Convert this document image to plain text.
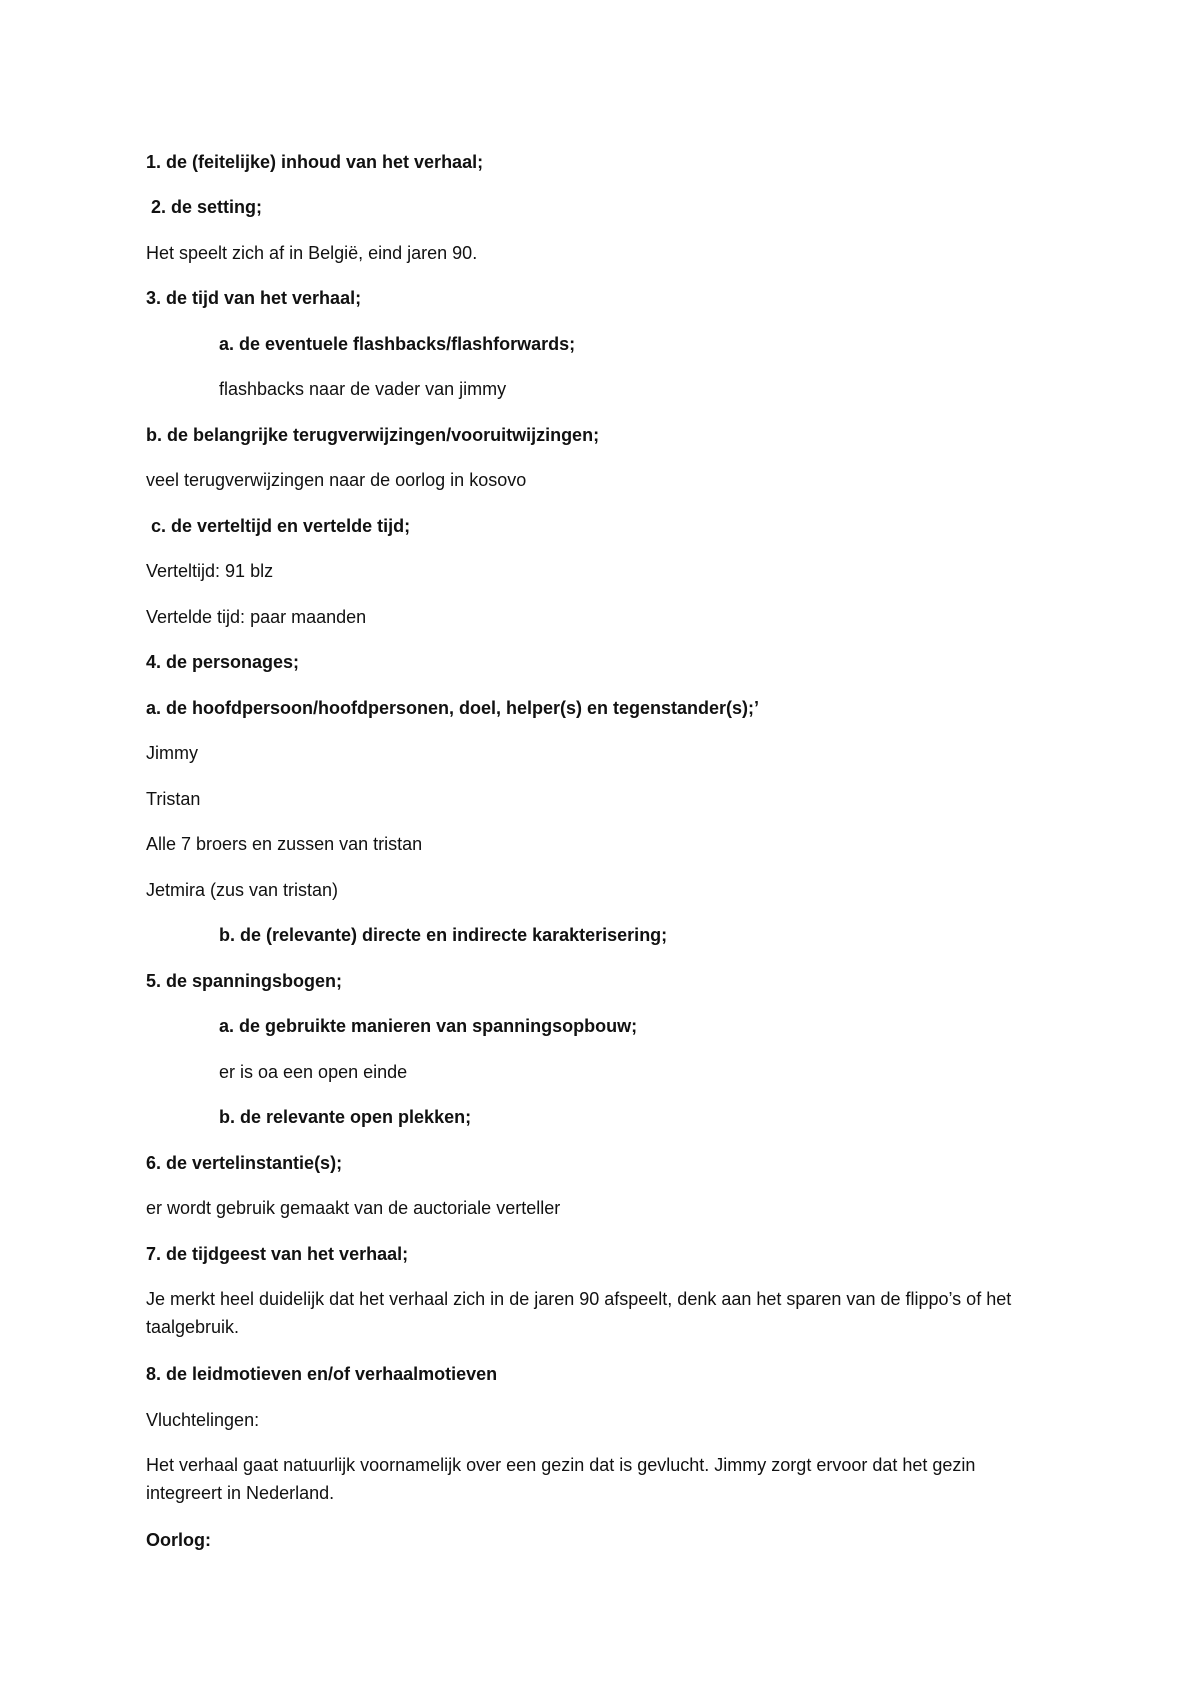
1. de (feitelijke) inhoud van het verhaal;
2. de setting;
Het speelt zich af in België, eind jaren 90.
3. de tijd van het verhaal;
a. de eventuele flashbacks/flashforwards;
flashbacks naar de vader van jimmy
b. de belangrijke terugverwijzingen/vooruitwijzingen;
veel terugverwijzingen naar de oorlog in kosovo
c. de verteltijd en vertelde tijd;
Verteltijd: 91 blz
Vertelde tijd: paar maanden
4. de personages;
a. de hoofdpersoon/hoofdpersonen, doel, helper(s) en tegenstander(s);’
Jimmy
Tristan
Alle 7 broers en zussen van tristan
Jetmira (zus van tristan)
b. de (relevante) directe en indirecte karakterisering;
5. de spanningsbogen;
a. de gebruikte manieren van spanningsopbouw;
er is oa een open einde
b. de relevante open plekken;
6. de vertelinstantie(s);
er wordt gebruik gemaakt van de auctoriale verteller
7. de tijdgeest van het verhaal;
Je merkt heel duidelijk dat het verhaal zich in de jaren 90 afspeelt, denk aan het sparen van de flippo’s of het taalgebruik.
8. de leidmotieven en/of verhaalmotieven
Vluchtelingen:
Het verhaal gaat natuurlijk voornamelijk over een gezin dat is gevlucht. Jimmy zorgt ervoor dat het gezin integreert in Nederland.
Oorlog:
